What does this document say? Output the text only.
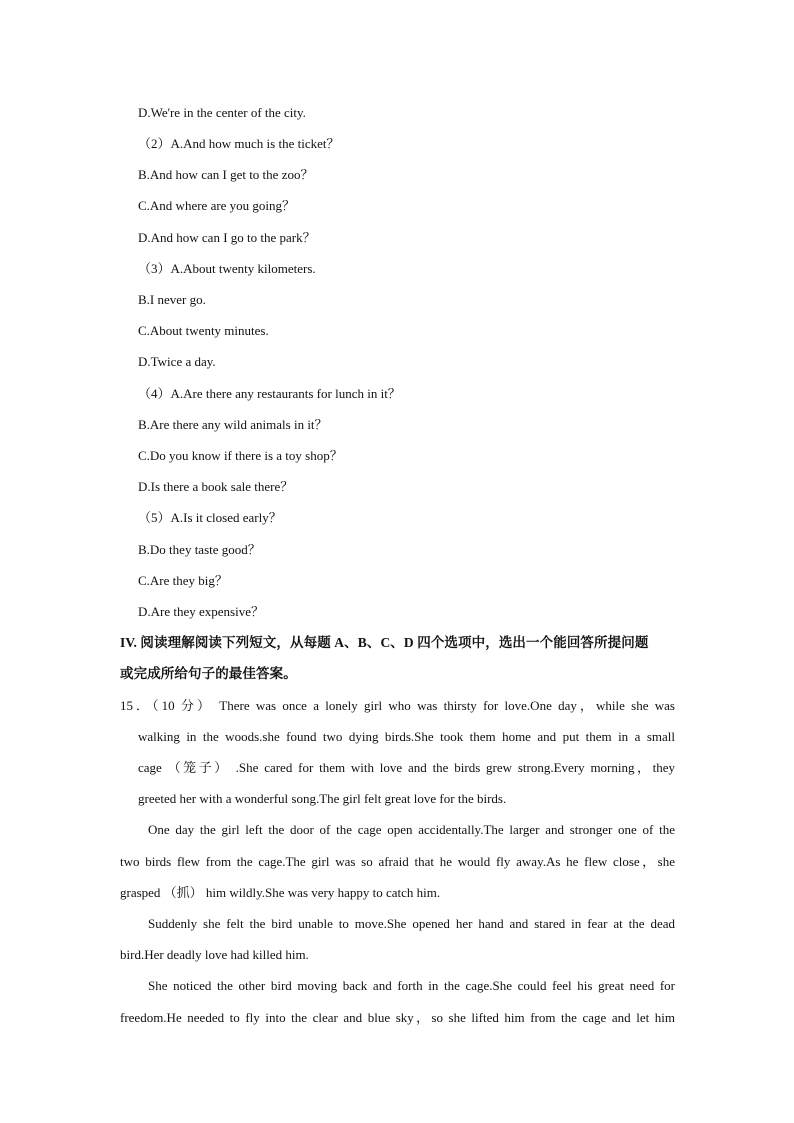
D.We're in the center of the city.
（2）A.And how much is the ticket？
B.And how can I get to the zoo？
C.And where are you going？
D.And how can I go to the park？
（3）A.About twenty kilometers.
B.I never go.
C.About twenty minutes.
D.Twice a day.
（4）A.Are there any restaurants for lunch in it？
B.Are there any wild animals in it？
C.Do you know if there is a toy shop？
D.Is there a book sale there？
（5）A.Is it closed early？
B.Do they taste good？
C.Are they big？
D.Are they expensive？
IV. 阅读理解阅读下列短文，从每题 A、B、C、D 四个选项中，选出一个能回答所提问题
或完成所给句子的最佳答案。
15．（10 分） There was once a lonely girl who was thirsty for love.One day，while she was
walking in the woods.she found two dying birds.She took them home and put them in a small
cage （笼子） .She cared for them with love and the birds grew strong.Every morning，they
greeted her with a wonderful song.The girl felt great love for the birds.
One day the girl left the door of the cage open accidentally.The larger and stronger one of the
two birds flew from the cage.The girl was so afraid that he would fly away.As he flew close，she
grasped （抓） him wildly.She was very happy to catch him.
Suddenly she felt the bird unable to move.She opened her hand and stared in fear at the dead
bird.Her deadly love had killed him.
She noticed the other bird moving back and forth in the cage.She could feel his great need for
freedom.He needed to fly into the clear and blue sky，so she lifted him from the cage and let him
